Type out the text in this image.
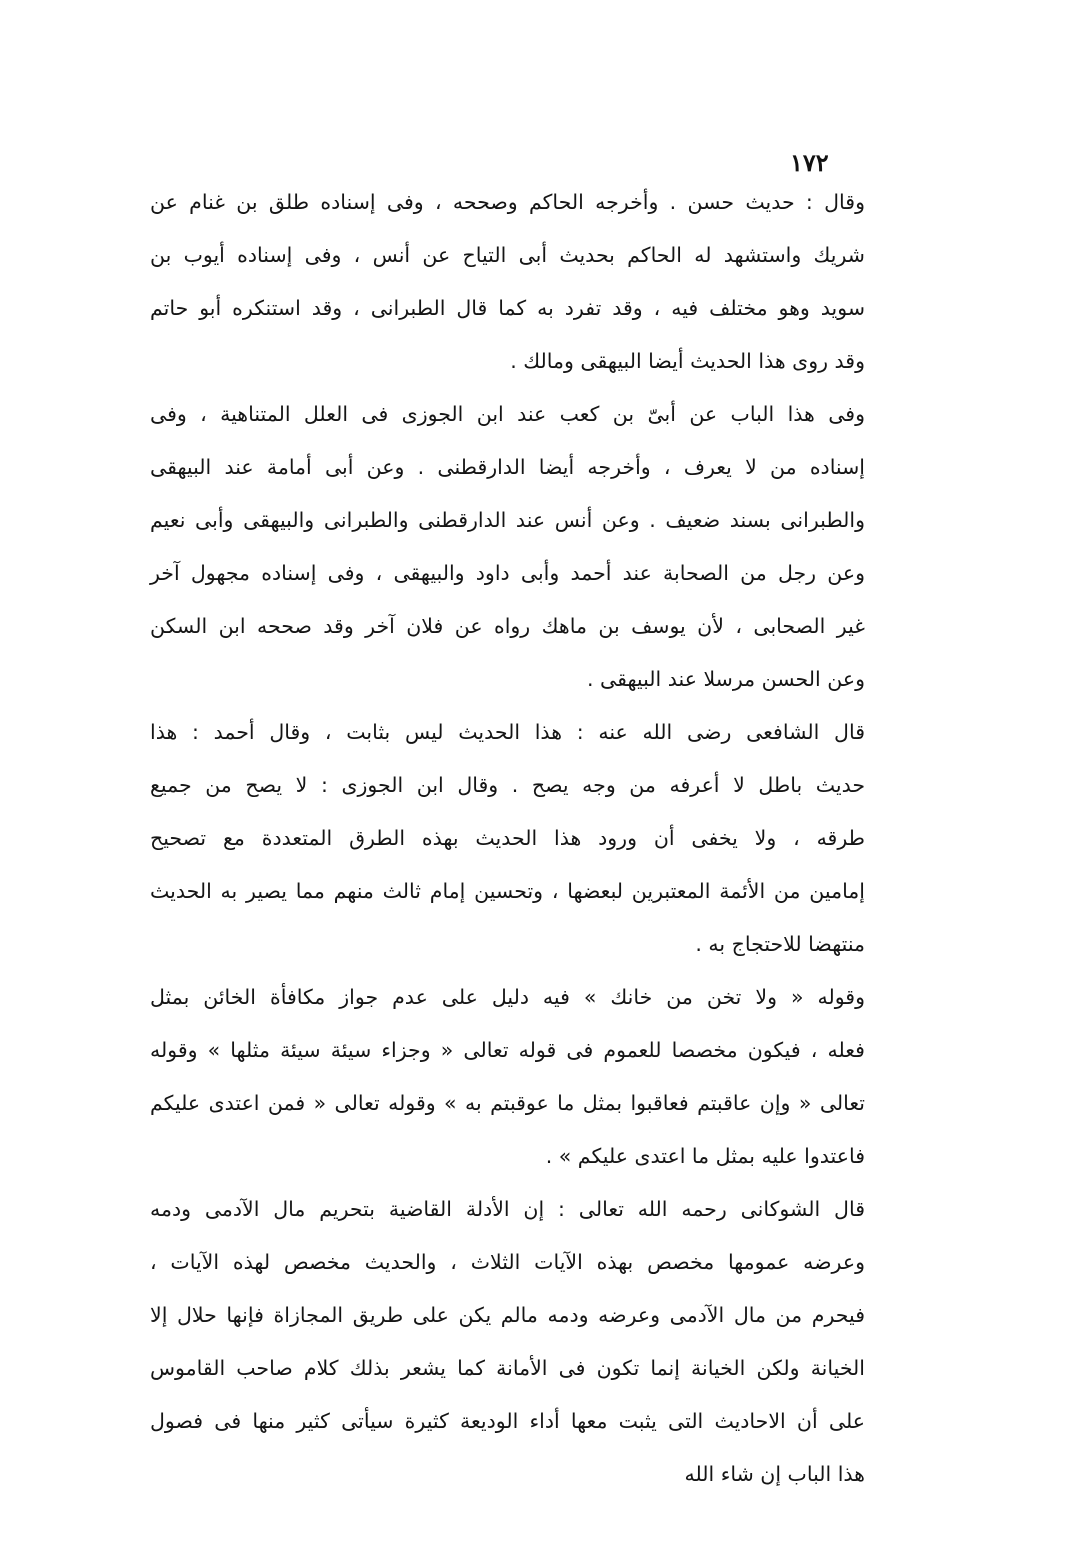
١٧٢
وقال : حديث حسن . وأخرجه الحاكم وصححه ، وفى إسناده طلق بن غنام عن
شريك واستشهد له الحاكم بحديث أبى التياح عن أنس ، وفى إسناده أيوب بن
سويد وهو مختلف فيه ، وقد تفرد به كما قال الطبرانى ، وقد استنكره أبو حاتم
وقد روى هذا الحديث أيضا البيهقى ومالك .
وفى هذا الباب عن أبىّ بن كعب عند ابن الجوزى فى العلل المتناهية ، وفى
إسناده من لا يعرف ، وأخرجه أيضا الدارقطنى . وعن أبى أمامة عند البيهقى
والطبرانى بسند ضعيف . وعن أنس عند الدارقطنى والطبرانى والبيهقى وأبى نعيم
وعن رجل من الصحابة عند أحمد وأبى داود والبيهقى ، وفى إسناده مجهول آخر
غير الصحابى ، لأن يوسف بن ماهك رواه عن فلان آخر وقد صححه ابن السكن
وعن الحسن مرسلا عند البيهقى .
قال الشافعى رضى الله عنه : هذا الحديث ليس بثابت ، وقال أحمد : هذا
حديث باطل لا أعرفه من وجه يصح . وقال ابن الجوزى : لا يصح من جميع
طرقه ، ولا يخفى أن ورود هذا الحديث بهذه الطرق المتعددة مع تصحيح
إمامين من الأئمة المعتبرين لبعضها ، وتحسين إمام ثالث منهم مما يصير به الحديث
منتهضا للاحتجاج به .
وقوله « ولا تخن من خانك » فيه دليل على عدم جواز مكافأة الخائن بمثل
فعله ، فيكون مخصصا للعموم فى قوله تعالى « وجزاء سيئة سيئة مثلها » وقوله
تعالى « وإن عاقبتم فعاقبوا بمثل ما عوقبتم به » وقوله تعالى « فمن اعتدى عليكم
فاعتدوا عليه بمثل ما اعتدى عليكم » .
قال الشوكانى رحمه الله تعالى : إن الأدلة القاضية بتحريم مال الآدمى ودمه
وعرضه عمومها مخصص بهذه الآيات الثلاث ، والحديث مخصص لهذه الآيات ،
فيحرم من مال الآدمى وعرضه ودمه مالم يكن على طريق المجازاة فإنها حلال إلا
الخيانة ولكن الخيانة إنما تكون فى الأمانة كما يشعر بذلك كلام صاحب القاموس
على أن الاحاديث التى يثبت معها أداء الوديعة كثيرة سيأتى كثير منها فى فصول
هذا الباب إن شاء الله
